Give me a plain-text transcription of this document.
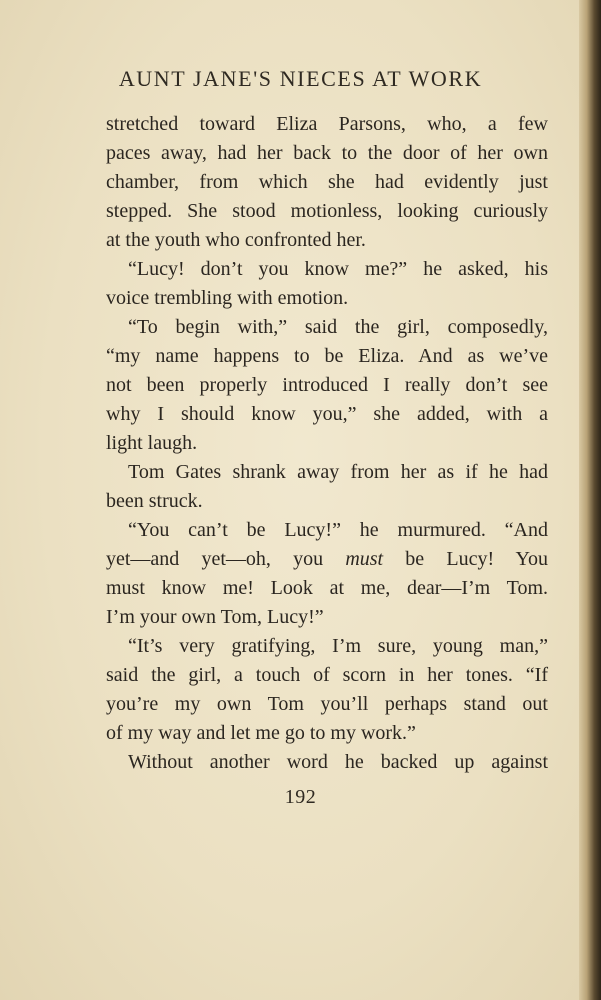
AUNT JANE'S NIECES AT WORK
stretched toward Eliza Parsons, who, a few
paces away, had her back to the door of her own
chamber, from which she had evidently just
stepped. She stood motionless, looking curiously
at the youth who confronted her.
“Lucy! don’t you know me?” he asked, his
voice trembling with emotion.
“To begin with,” said the girl, composedly,
“my name happens to be Eliza. And as we’ve
not been properly introduced I really don’t see
why I should know you,” she added, with a
light laugh.
Tom Gates shrank away from her as if he had
been struck.
“You can’t be Lucy!” he murmured. “And
yet—and yet—oh, you must be Lucy! You
must know me! Look at me, dear—I’m Tom.
I’m your own Tom, Lucy!”
“It’s very gratifying, I’m sure, young man,”
said the girl, a touch of scorn in her tones. “If
you’re my own Tom you’ll perhaps stand out
of my way and let me go to my work.”
Without another word he backed up against
192
